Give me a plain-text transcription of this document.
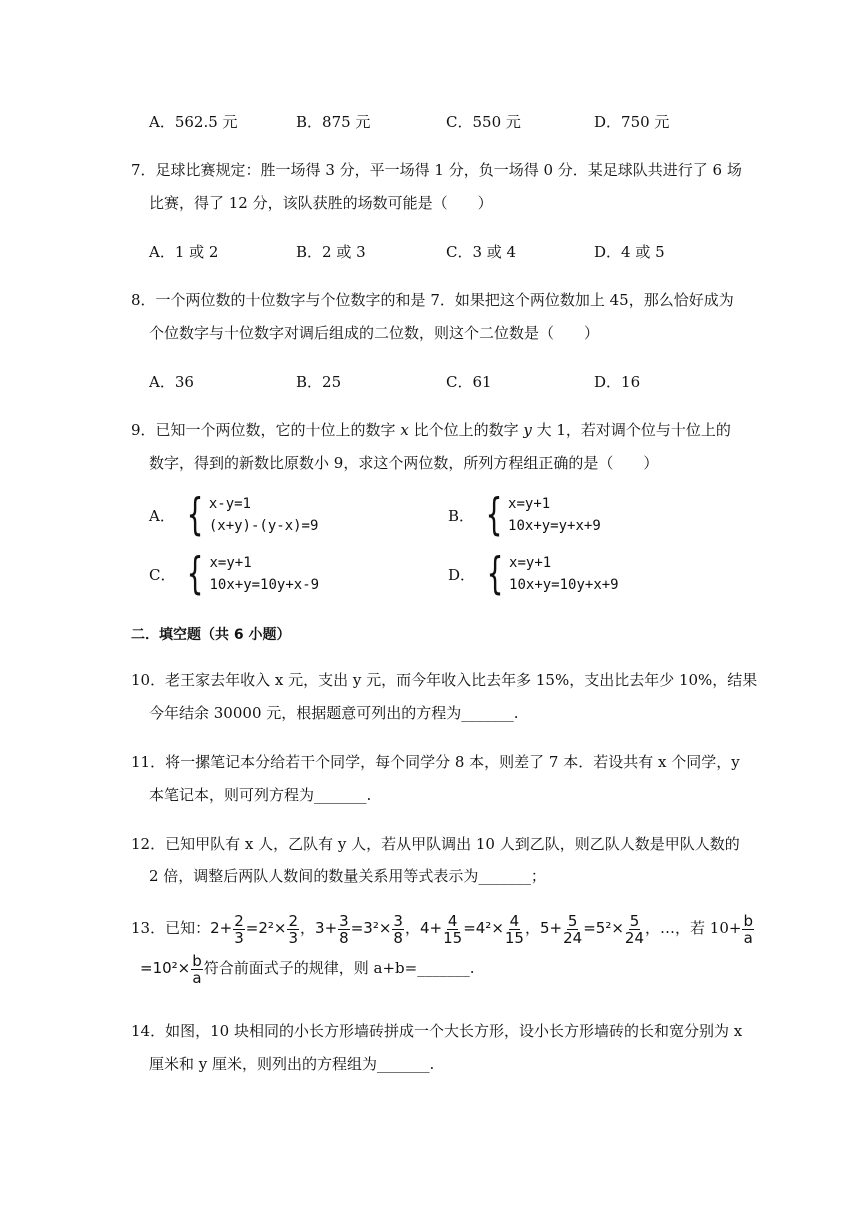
A．562.5 元	B．875 元	C．550 元	D．750 元
7．足球比赛规定：胜一场得 3 分，平一场得 1 分，负一场得 0 分．某足球队共进行了 6 场
比赛，得了 12 分，该队获胜的场数可能是（　　）
A．1 或 2	B．2 或 3	C．3 或 4	D．4 或 5
8．一个两位数的十位数字与个位数字的和是 7．如果把这个两位数加上 45，那么恰好成为
个位数字与十位数字对调后组成的二位数，则这个二位数是（　　）
A．36	B．25	C．61	D．16
9．已知一个两位数，它的十位上的数字 x 比个位上的数字 y 大 1，若对调个位与十位上的
数字，得到的新数比原数小 9，求这个两位数，所列方程组正确的是（　　）
A． { x-y=1
(x+y)-(y-x)=9
B． { x=y+1
10x+y=y+x+9
C． { x=y+1
10x+y=10y+x-9
D． { x=y+1
10x+y=10y+x+9
二．填空题（共 6 小题）
10．老王家去年收入 x 元，支出 y 元，而今年收入比去年多 15%，支出比去年少 10%，结果
今年结余 30000 元，根据题意可列出的方程为_______.
11．将一摞笔记本分给若干个同学，每个同学分 8 本，则差了 7 本．若设共有 x 个同学，y
本笔记本，则可列方程为_______.
12．已知甲队有 x 人，乙队有 y 人，若从甲队调出 10 人到乙队，则乙队人数是甲队人数的
2 倍，调整后两队人数间的数量关系用等式表示为_______；
13．已知：$2+ \frac{2}{3} =2^2\times \frac{2}{3}$ ，$3+ \frac{3}{8} =3^2\times \frac{3}{8}$ ，$4+ \frac{4}{15} =4^2\times \frac{4}{15}$ ，$5+ \frac{5}{24} =5^2\times \frac{5}{24}$ ，…，若 $10+ \frac{b}{a}$
$=10^2\times \frac{b}{a}$ 符合前面式子的规律，则 a+b=_______.
14．如图，10 块相同的小长方形墙砖拼成一个大长方形，设小长方形墙砖的长和宽分别为 x
厘米和 y 厘米，则列出的方程组为_______.
